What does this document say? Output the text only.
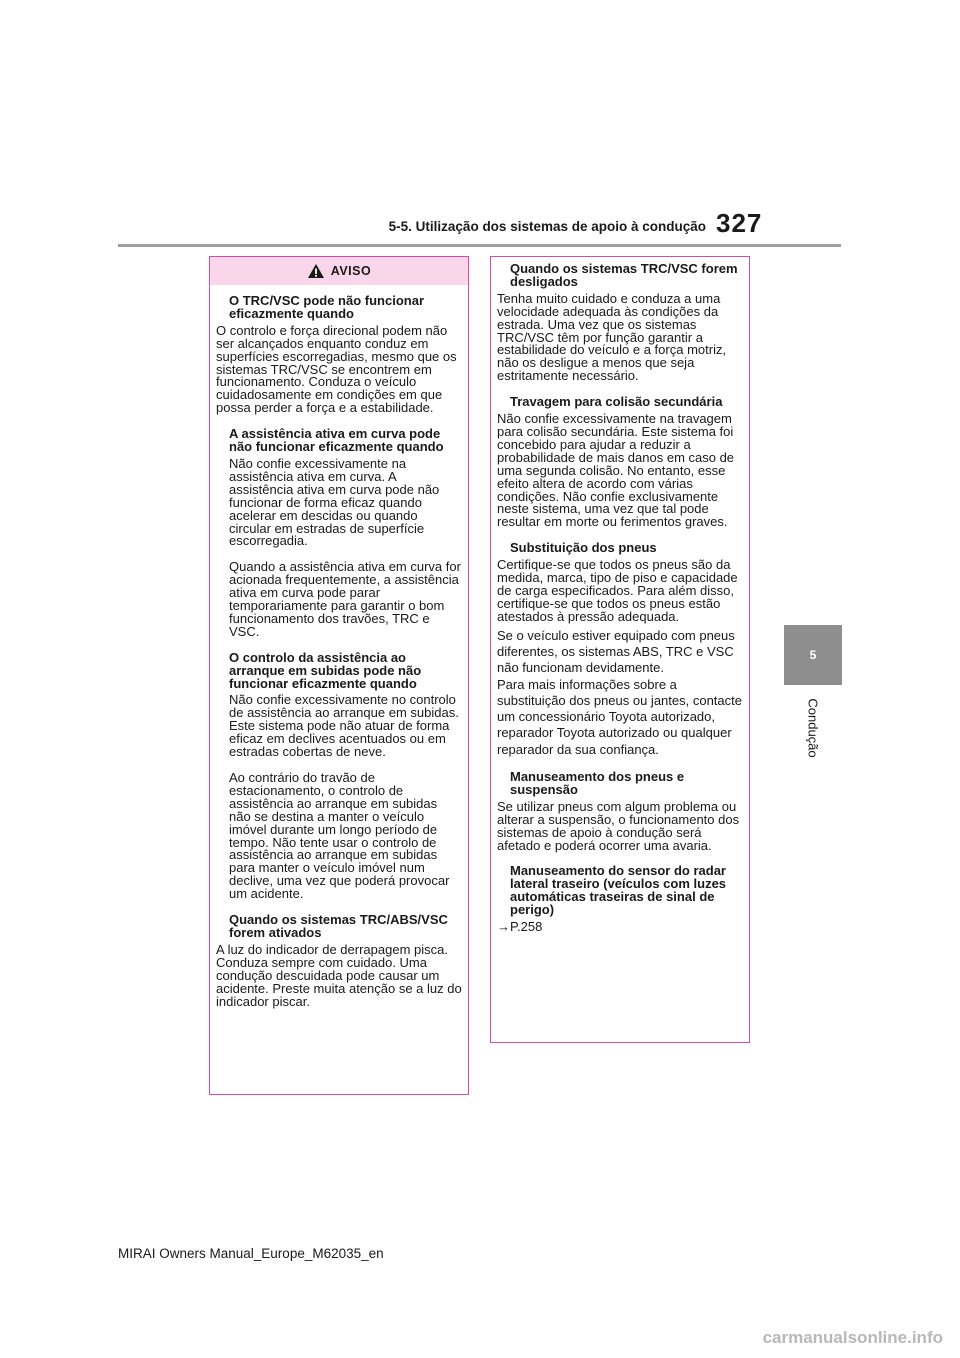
5-5. Utilização dos sistemas de apoio à condução 327
5
Condução
AVISO

O TRC/VSC pode não funcionar eficazmente quando

O controlo e força direcional podem não ser alcançados enquanto conduz em superfícies escorregadias, mesmo que os sistemas TRC/VSC se encontrem em funcionamento. Conduza o veículo cuidadosamente em condições em que possa perder a força e a estabilidade.

A assistência ativa em curva pode não funcionar eficazmente quando

Não confie excessivamente na assistência ativa em curva. A assistência ativa em curva pode não funcionar de forma eficaz quando acelerar em descidas ou quando circular em estradas de superfície escorregadia.

Quando a assistência ativa em curva for acionada frequentemente, a assistência ativa em curva pode parar temporariamente para garantir o bom funcionamento dos travões, TRC e VSC.

O controlo da assistência ao arranque em subidas pode não funcionar eficazmente quando

Não confie excessivamente no controlo de assistência ao arranque em subidas. Este sistema pode não atuar de forma eficaz em declives acentuados ou em estradas cobertas de neve.

Ao contrário do travão de estacionamento, o controlo de assistência ao arranque em subidas não se destina a manter o veículo imóvel durante um longo período de tempo. Não tente usar o controlo de assistência ao arranque em subidas para manter o veículo imóvel num declive, uma vez que poderá provocar um acidente.

Quando os sistemas TRC/ABS/VSC forem ativados

A luz do indicador de derrapagem pisca. Conduza sempre com cuidado. Uma condução descuidada pode causar um acidente. Preste muita atenção se a luz do indicador piscar.

Quando os sistemas TRC/VSC forem desligados

Tenha muito cuidado e conduza a uma velocidade adequada às condições da estrada. Uma vez que os sistemas TRC/VSC têm por função garantir a estabilidade do veículo e a força motriz, não os desligue a menos que seja estritamente necessário.

Travagem para colisão secundária

Não confie excessivamente na travagem para colisão secundária. Este sistema foi concebido para ajudar a reduzir a probabilidade de mais danos em caso de uma segunda colisão. No entanto, esse efeito altera de acordo com várias condições. Não confie exclusivamente neste sistema, uma vez que tal pode resultar em morte ou ferimentos graves.

Substituição dos pneus

Certifique-se que todos os pneus são da medida, marca, tipo de piso e capacidade de carga especificados. Para além disso, certifique-se que todos os pneus estão atestados à pressão adequada.

Se o veículo estiver equipado com pneus diferentes, os sistemas ABS, TRC e VSC não funcionam devidamente.

Para mais informações sobre a substituição dos pneus ou jantes, contacte um concessionário Toyota autorizado, reparador Toyota autorizado ou qualquer reparador da sua confiança.

Manuseamento dos pneus e suspensão

Se utilizar pneus com algum problema ou alterar a suspensão, o funcionamento dos sistemas de apoio à condução será afetado e poderá ocorrer uma avaria.

Manuseamento do sensor do radar lateral traseiro (veículos com luzes automáticas traseiras de sinal de perigo)

→P.258

MIRAI Owners Manual_Europe_M62035_en
carmanualsonline.info
